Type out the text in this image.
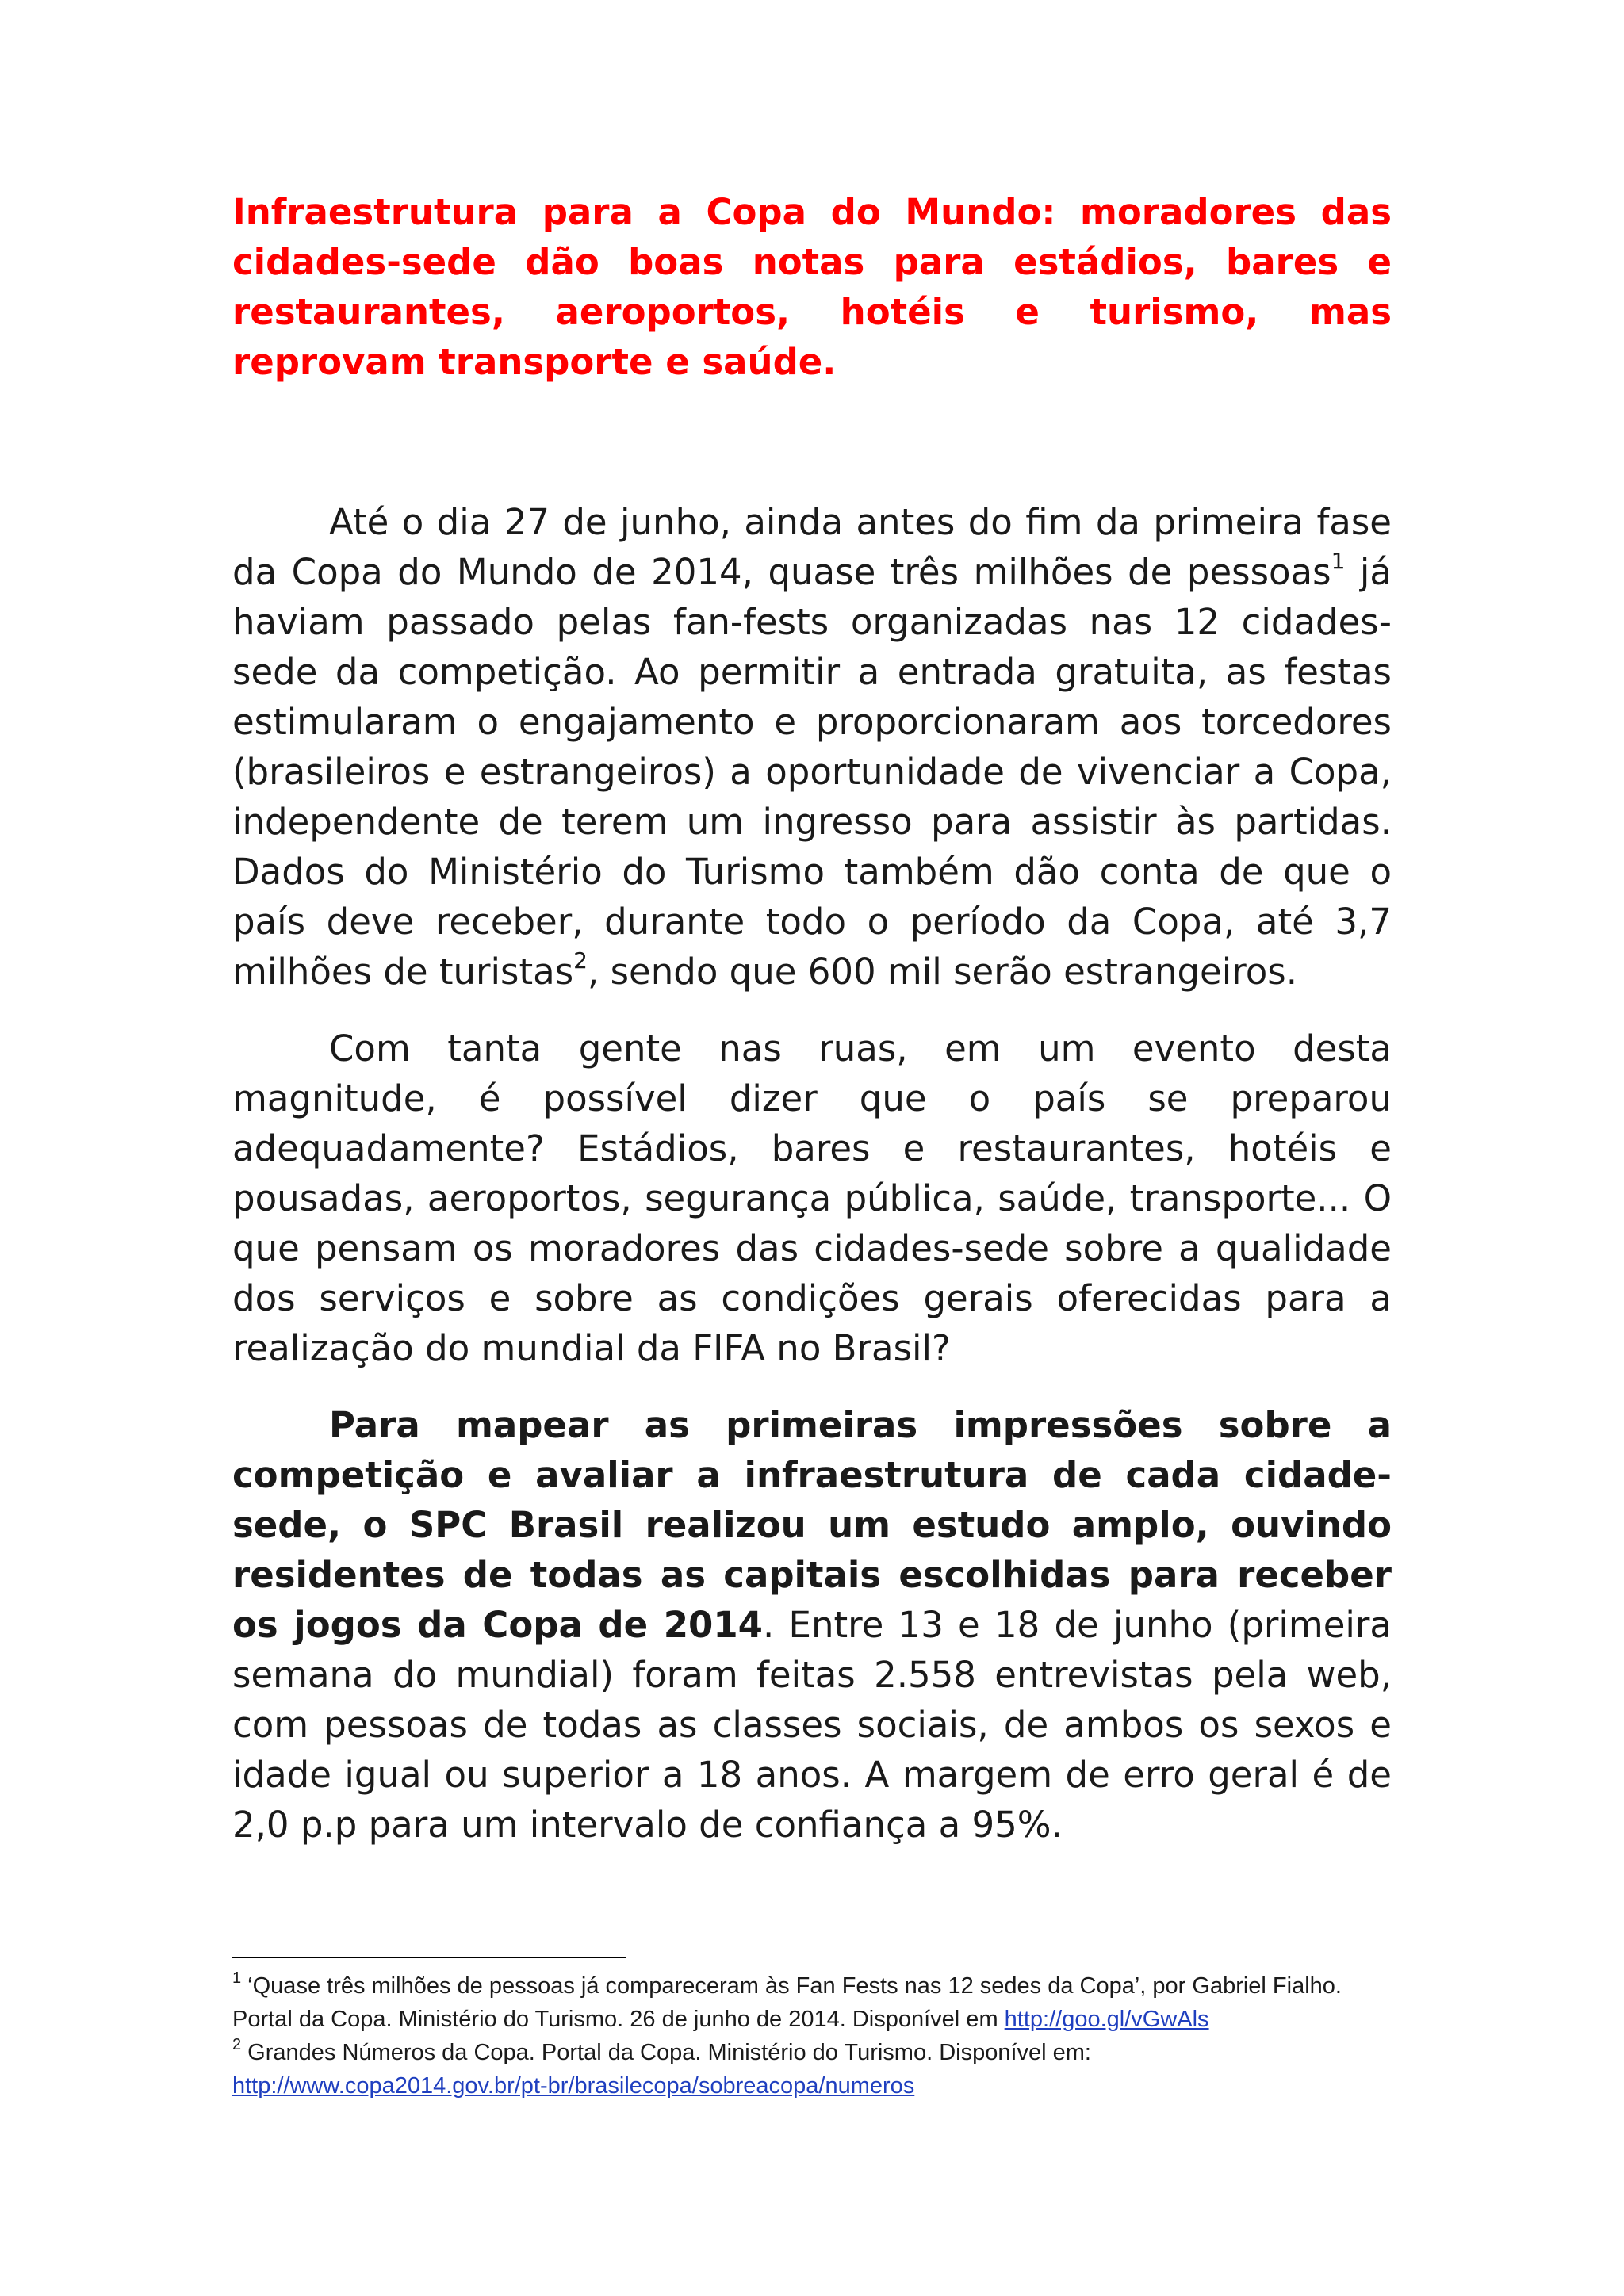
Infraestrutura para a Copa do Mundo: moradores das cidades-sede dão boas notas para estádios, bares e restaurantes, aeroportos, hotéis e turismo, mas reprovam transporte e saúde.

Até o dia 27 de junho, ainda antes do fim da primeira fase da Copa do Mundo de 2014, quase três milhões de pessoas$^1$ já haviam passado pelas fan-fests organizadas nas 12 cidades-sede da competição. Ao permitir a entrada gratuita, as festas estimularam o engajamento e proporcionaram aos torcedores (brasileiros e estrangeiros) a oportunidade de vivenciar a Copa, independente de terem um ingresso para assistir às partidas. Dados do Ministério do Turismo também dão conta de que o país deve receber, durante todo o período da Copa, até 3,7 milhões de turistas$^2$, sendo que 600 mil serão estrangeiros.

Com tanta gente nas ruas, em um evento desta magnitude, é possível dizer que o país se preparou adequadamente? Estádios, bares e restaurantes, hotéis e pousadas, aeroportos, segurança pública, saúde, transporte... O que pensam os moradores das cidades-sede sobre a qualidade dos serviços e sobre as condições gerais oferecidas para a realização do mundial da FIFA no Brasil?

Para mapear as primeiras impressões sobre a competição e avaliar a infraestrutura de cada cidade-sede, o SPC Brasil realizou um estudo amplo, ouvindo residentes de todas as capitais escolhidas para receber os jogos da Copa de 2014. Entre 13 e 18 de junho (primeira semana do mundial) foram feitas 2.558 entrevistas pela web, com pessoas de todas as classes sociais, de ambos os sexos e idade igual ou superior a 18 anos. A margem de erro geral é de 2,0 p.p para um intervalo de confiança a 95%.

$^1$ ‘Quase três milhões de pessoas já compareceram às Fan Fests nas 12 sedes da Copa’, por Gabriel Fialho. Portal da Copa. Ministério do Turismo. 26 de junho de 2014. Disponível em http://goo.gl/vGwAls

$^2$ Grandes Números da Copa. Portal da Copa. Ministério do Turismo. Disponível em: http://www.copa2014.gov.br/pt-br/brasilecopa/sobreacopa/numeros
